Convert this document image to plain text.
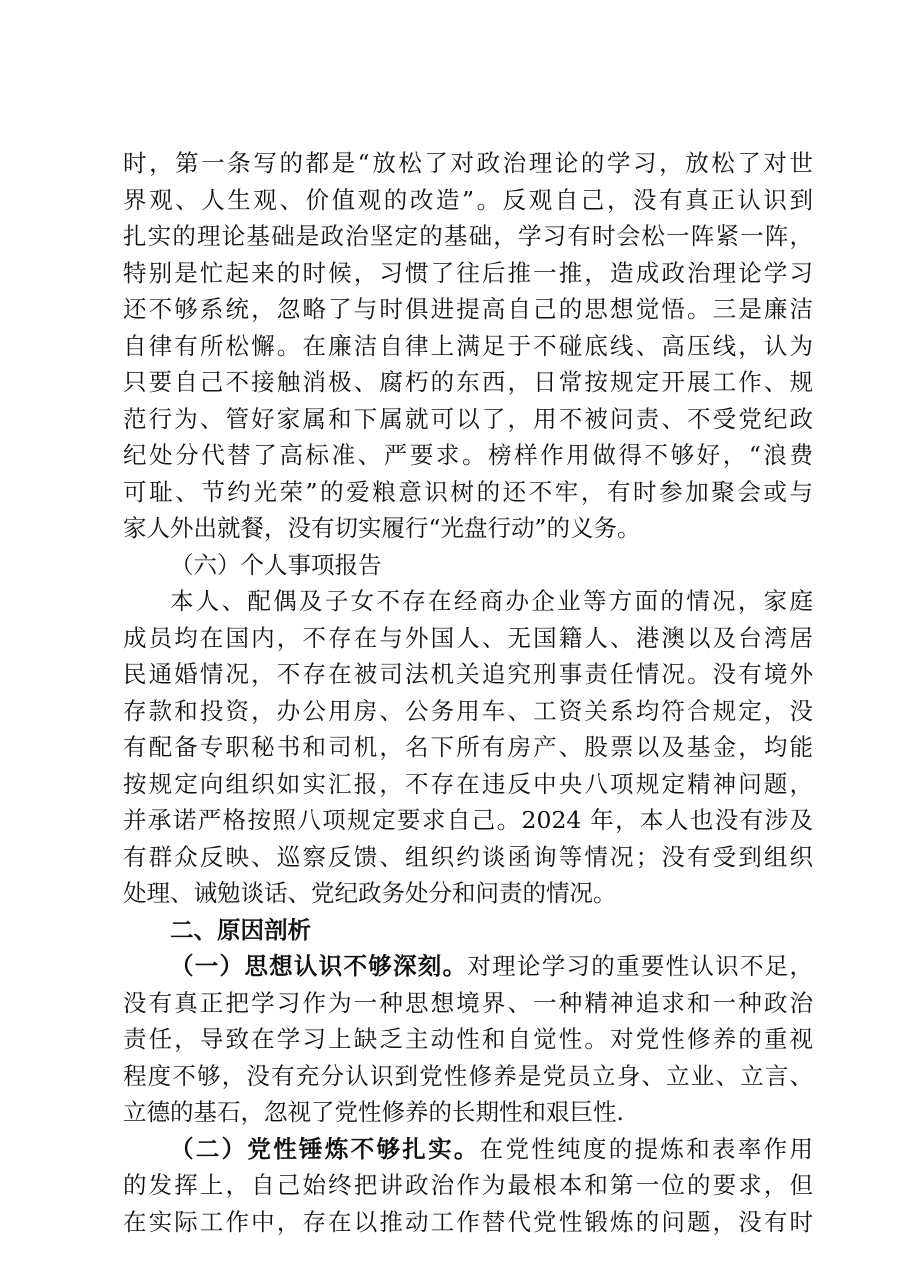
时，第一条写的都是“放松了对政治理论的学习，放松了对世
界观、人生观、价值观的改造”。反观自己，没有真正认识到
扎实的理论基础是政治坚定的基础，学习有时会松一阵紧一阵，
特别是忙起来的时候，习惯了往后推一推，造成政治理论学习
还不够系统，忽略了与时俱进提高自己的思想觉悟。三是廉洁
自律有所松懈。在廉洁自律上满足于不碰底线、高压线，认为
只要自己不接触消极、腐朽的东西，日常按规定开展工作、规
范行为、管好家属和下属就可以了，用不被问责、不受党纪政
纪处分代替了高标准、严要求。榜样作用做得不够好，“浪费
可耻、节约光荣”的爱粮意识树的还不牢，有时参加聚会或与
家人外出就餐，没有切实履行“光盘行动”的义务。
（六）个人事项报告
本人、配偶及子女不存在经商办企业等方面的情况，家庭
成员均在国内，不存在与外国人、无国籍人、港澳以及台湾居
民通婚情况，不存在被司法机关追究刑事责任情况。没有境外
存款和投资，办公用房、公务用车、工资关系均符合规定，没
有配备专职秘书和司机，名下所有房产、股票以及基金，均能
按规定向组织如实汇报，不存在违反中央八项规定精神问题，
并承诺严格按照八项规定要求自己。2024 年，本人也没有涉及
有群众反映、巡察反馈、组织约谈函询等情况；没有受到组织
处理、诫勉谈话、党纪政务处分和问责的情况。
二、原因剖析
（一）思想认识不够深刻。对理论学习的重要性认识不足，
没有真正把学习作为一种思想境界、一种精神追求和一种政治
责任，导致在学习上缺乏主动性和自觉性。对党性修养的重视
程度不够，没有充分认识到党性修养是党员立身、立业、立言、
立德的基石，忽视了党性修养的长期性和艰巨性.
（二）党性锤炼不够扎实。在党性纯度的提炼和表率作用
的发挥上，自己始终把讲政治作为最根本和第一位的要求，但
在实际工作中，存在以推动工作替代党性锻炼的问题，没有时
